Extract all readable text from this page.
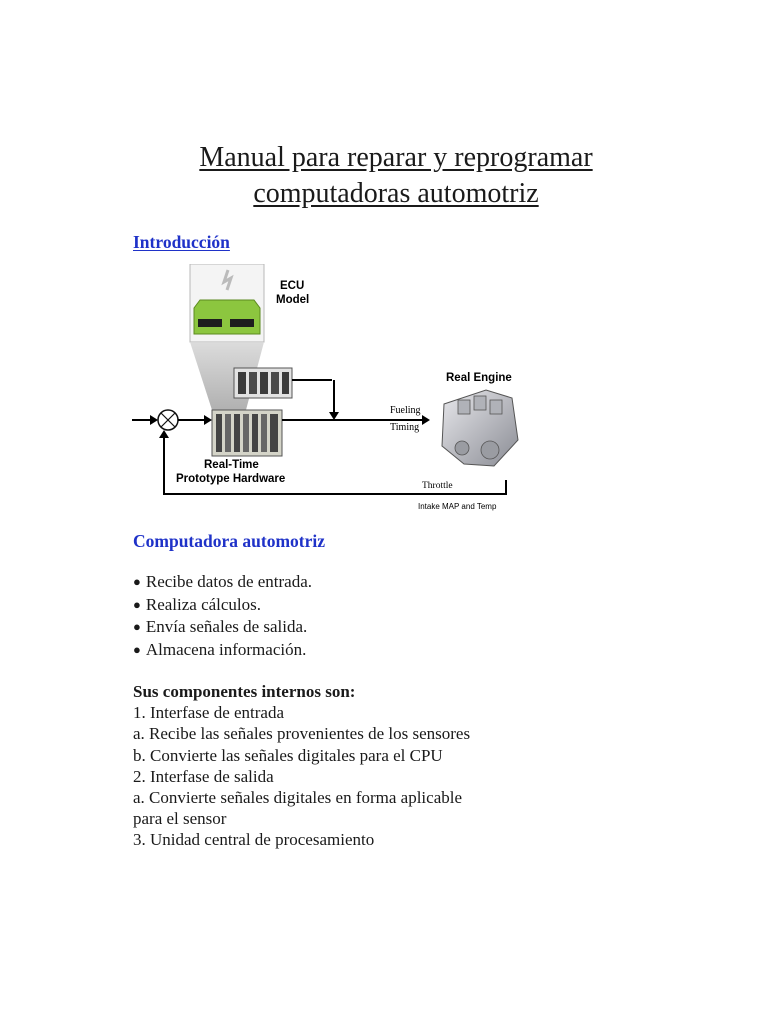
Manual para reparar y reprogramar
computadoras automotriz
Introducción
ECU
Model
Real-Time
Prototype Hardware
Fueling
Timing
Real Engine
Throttle
Intake MAP and Temp
Computadora automotriz
● Recibe datos de entrada.
● Realiza cálculos.
● Envía señales de salida.
● Almacena información.
Sus componentes internos son:
1. Interfase de entrada
a. Recibe las señales provenientes de los sensores
b. Convierte las señales digitales para el CPU
2. Interfase de salida
a. Convierte señales digitales en forma aplicable
para el sensor
3. Unidad central de procesamiento
